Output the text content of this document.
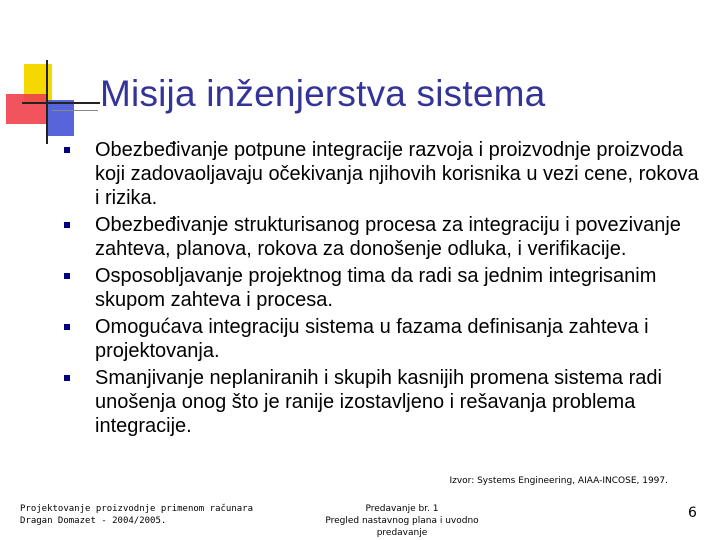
Misija inženjerstva sistema
Obezbeđivanje potpune integracije razvoja i proizvodnje proizvoda koji zadovaoljavaju očekivanja njihovih korisnika u vezi cene, rokova i rizika.
Obezbeđivanje strukturisanog procesa za integraciju i povezivanje zahteva, planova, rokova za donošenje odluka, i verifikacije.
Osposobljavanje projektnog tima da radi sa jednim integrisanim skupom zahteva i procesa.
Omogućava integraciju sistema u fazama definisanja zahteva i projektovanja.
Smanjivanje neplaniranih i skupih kasnijih promena sistema radi unošenja onog što je ranije izostavljeno i rešavanja problema integracije.
Izvor: Systems Engineering, AIAA-INCOSE, 1997.
Projektovanje proizvodnje primenom računara
Dragan Domazet - 2004/2005.
Predavanje br. 1
Pregled nastavnog plana i uvodno predavanje
6
